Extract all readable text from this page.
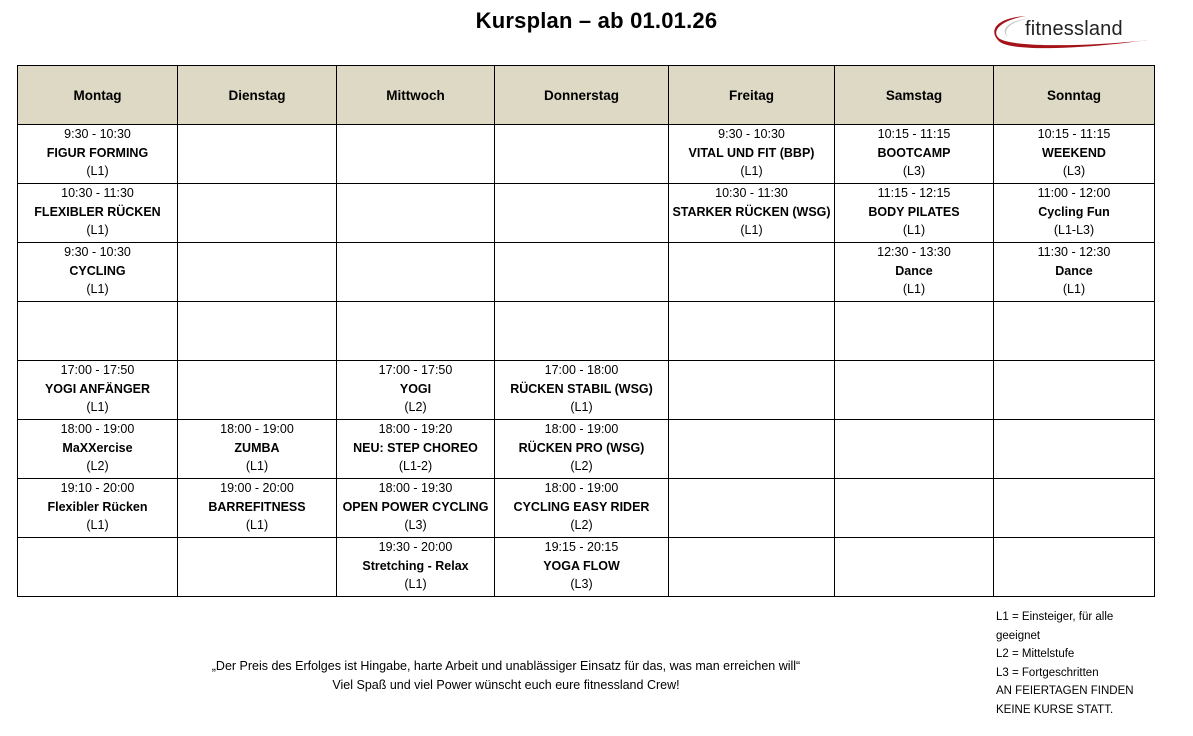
Kursplan – ab 01.01.26	fitnessland
Montag	Dienstag	Mittwoch	Donnerstag	Freitag	Samstag	Sonntag

9:30 - 10:30
FIGUR FORMING
(L1)				9:30 - 10:30
VITAL UND FIT (BBP)
(L1)	10:15 - 11:15
BOOTCAMP
(L3)	10:15 - 11:15
WEEKEND
(L3)

10:30 - 11:30
FLEXIBLER RÜCKEN
(L1)				10:30 - 11:30
STARKER RÜCKEN (WSG)
(L1)	11:15 - 12:15
BODY PILATES
(L1)	11:00 - 12:00
Cycling Fun
(L1-L3)

9:30 - 10:30
CYCLING
(L1)					12:30 - 13:30
Dance
(L1)	11:30 - 12:30
Dance
(L1)

17:00 - 17:50
YOGI ANFÄNGER
(L1)		17:00 - 17:50
YOGI
(L2)	17:00 - 18:00
RÜCKEN STABIL (WSG)
(L1)			

18:00 - 19:00
MaXXercise
(L2)	18:00 - 19:00
ZUMBA
(L1)	18:00 - 19:20
NEU: STEP CHOREO
(L1-2)	18:00 - 19:00
RÜCKEN PRO (WSG)
(L2)			

19:10 - 20:00
Flexibler Rücken
(L1)	19:00 - 20:00
BARREFITNESS
(L1)	18:00 - 19:30
OPEN POWER CYCLING
(L3)	18:00 - 19:00
CYCLING EASY RIDER
(L2)			

		19:30 - 20:00
Stretching - Relax
(L1)	19:15 - 20:15
YOGA FLOW
(L3)			

L1 = Einsteiger, für alle
geeignet
L2 = Mittelstufe
L3 = Fortgeschritten
AN FEIERTAGEN FINDEN
KEINE KURSE STATT.
„Der Preis des Erfolges ist Hingabe, harte Arbeit und unablässiger Einsatz für das, was man erreichen will“
Viel Spaß und viel Power wünscht euch eure fitnessland Crew!
